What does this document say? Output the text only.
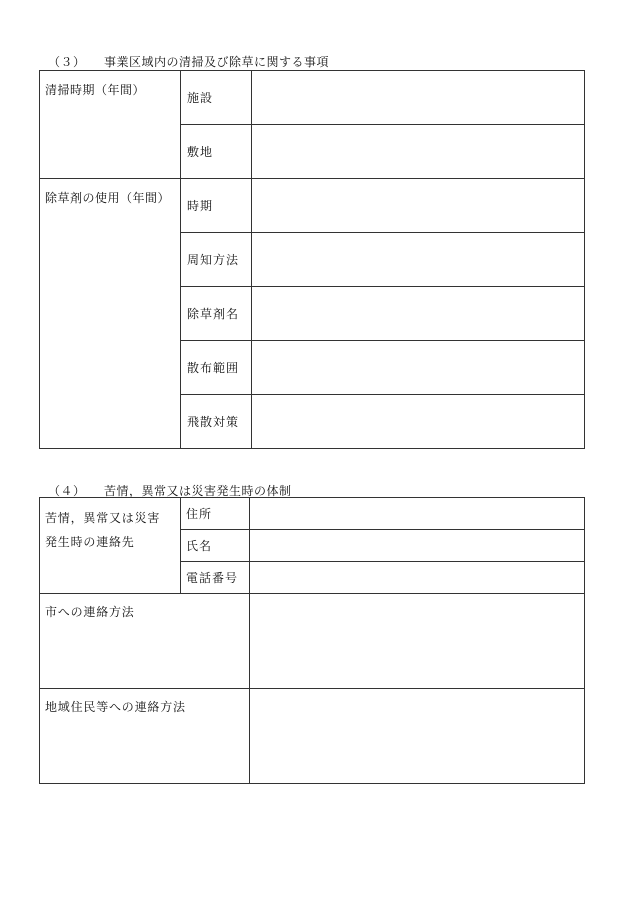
（３） 事業区域内の清掃及び除草に関する事項
清掃時期（年間）	施設	
	敷地	
除草剤の使用（年間）	時期	
	周知方法	
	除草剤名	
	散布範囲	
	飛散対策	
（４） 苦情，異常又は災害発生時の体制
苦情，異常又は災害
発生時の連絡先	住所	
	氏名	
	電話番号	
市への連絡方法		
地域住民等への連絡方法		
